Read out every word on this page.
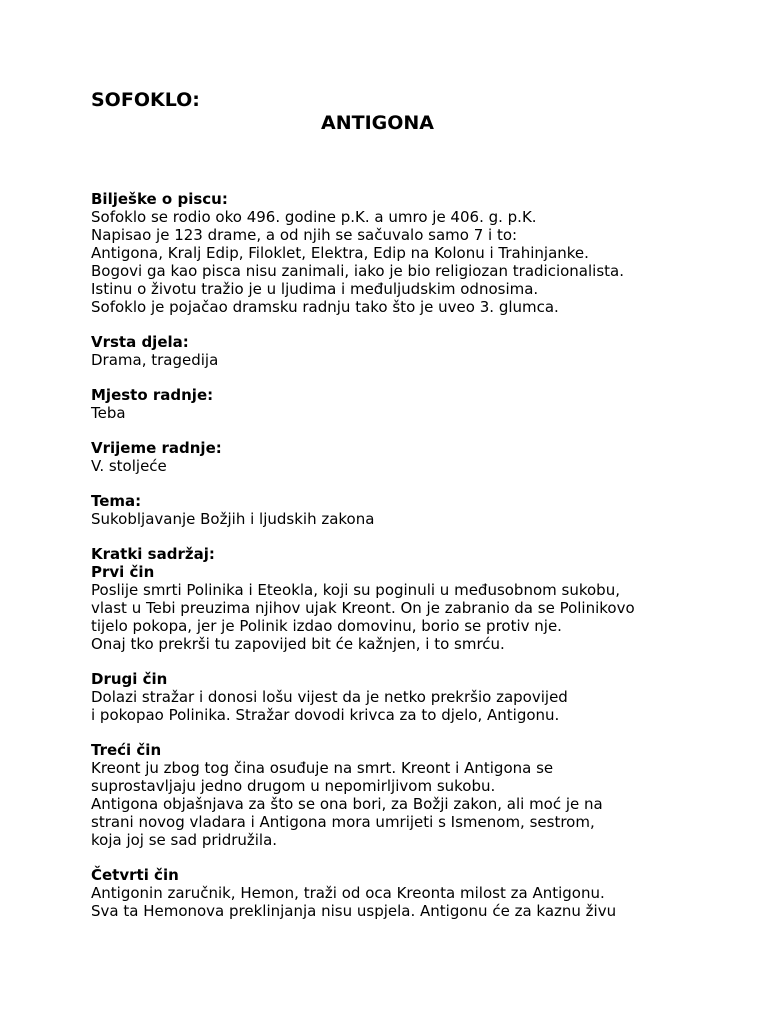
SOFOKLO:
ANTIGONA
Bilješke o piscu:
Sofoklo se rodio oko 496. godine p.K. a umro je 406. g. p.K.
Napisao je 123 drame, a od njih se sačuvalo samo 7 i to:
Antigona, Kralj Edip, Filoklet, Elektra, Edip na Kolonu i Trahinjanke.
Bogovi ga kao pisca nisu zanimali, iako je bio religiozan tradicionalista.
Istinu o životu tražio je u ljudima i međuljudskim odnosima.
Sofoklo je pojačao dramsku radnju tako što je uveo 3. glumca.
Vrsta djela:
Drama, tragedija
Mjesto radnje:
Teba
Vrijeme radnje:
V. stoljeće
Tema:
Sukobljavanje Božjih i ljudskih zakona
Kratki sadržaj:
Prvi čin
Poslije smrti Polinika i Eteokla, koji su poginuli u međusobnom sukobu,
vlast u Tebi preuzima njihov ujak Kreont. On je zabranio da se Polinikovo
tijelo pokopa, jer je Polinik izdao domovinu, borio se protiv nje.
Onaj tko prekrši tu zapovijed bit će kažnjen, i to smrću.
Drugi čin
Dolazi stražar i donosi lošu vijest da je netko prekršio zapovijed
i pokopao Polinika. Stražar dovodi krivca za to djelo, Antigonu.
Treći čin
Kreont ju zbog tog čina osuđuje na smrt. Kreont i Antigona se
suprostavljaju jedno drugom u nepomirljivom sukobu.
Antigona objašnjava za što se ona bori, za Božji zakon, ali moć je na
strani novog vladara i Antigona mora umrijeti s Ismenom, sestrom,
koja joj se sad pridružila.
Četvrti čin
Antigonin zaručnik, Hemon, traži od oca Kreonta milost za Antigonu.
Sva ta Hemonova preklinjanja nisu uspjela. Antigonu će za kaznu živu
